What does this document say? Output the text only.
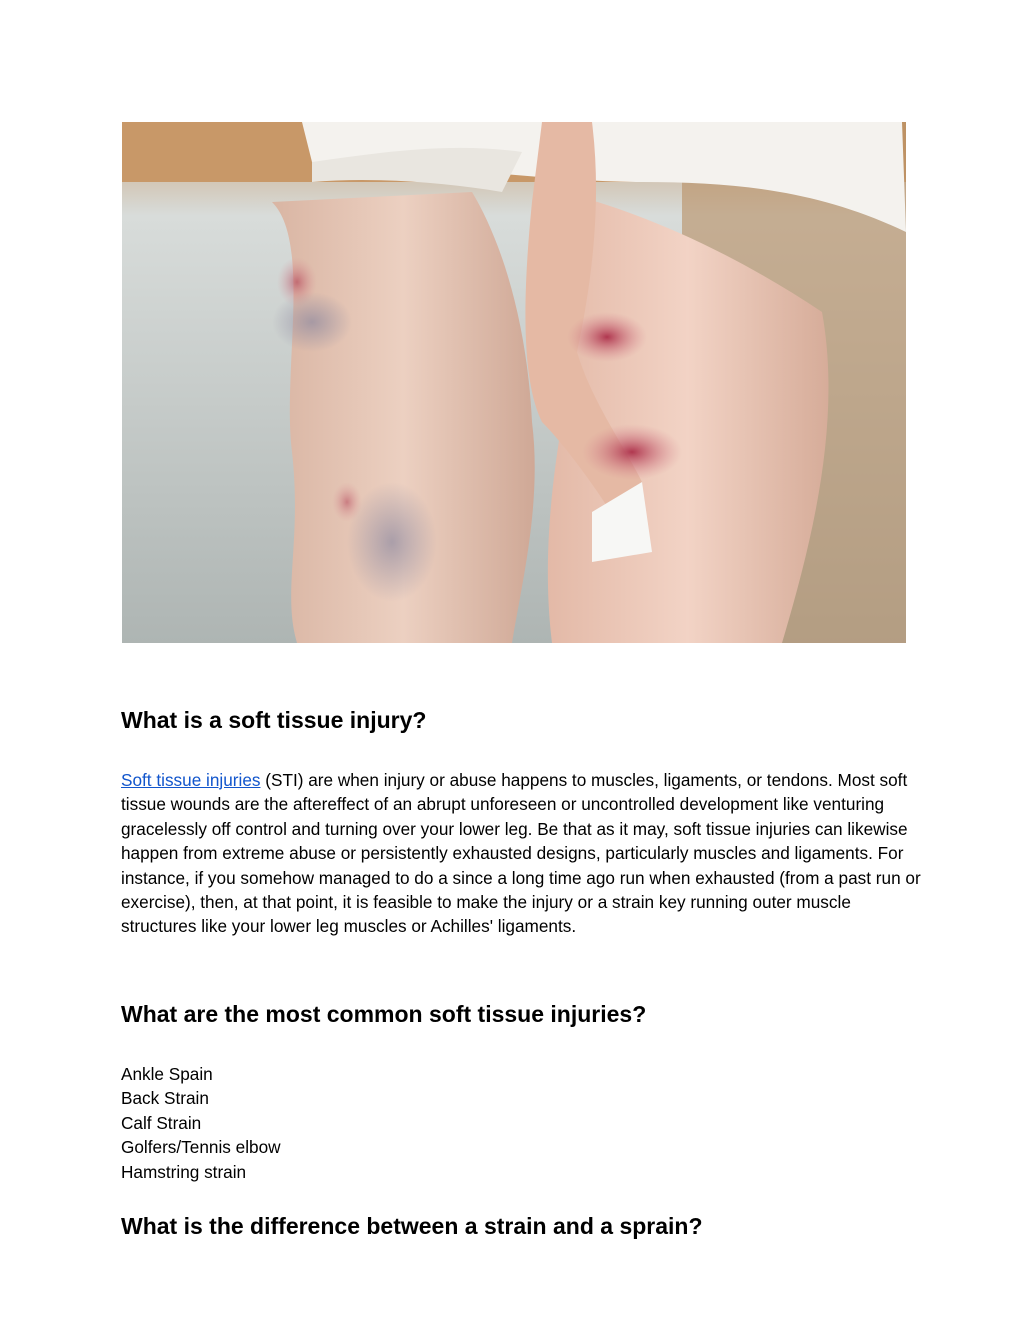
What is a soft tissue injury?

Soft tissue injuries (STI) are when injury or abuse happens to muscles, ligaments, or tendons. Most soft tissue wounds are the aftereffect of an abrupt unforeseen or uncontrolled development like venturing gracelessly off control and turning over your lower leg. Be that as it may, soft tissue injuries can likewise happen from extreme abuse or persistently exhausted designs, particularly muscles and ligaments. For instance, if you somehow managed to do a since a long time ago run when exhausted (from a past run or exercise), then, at that point, it is feasible to make the injury or a strain key running outer muscle structures like your lower leg muscles or Achilles' ligaments.

What are the most common soft tissue injuries?
Ankle Spain
Back Strain
Calf Strain
Golfers/Tennis elbow
Hamstring strain
What is the difference between a strain and a sprain?
